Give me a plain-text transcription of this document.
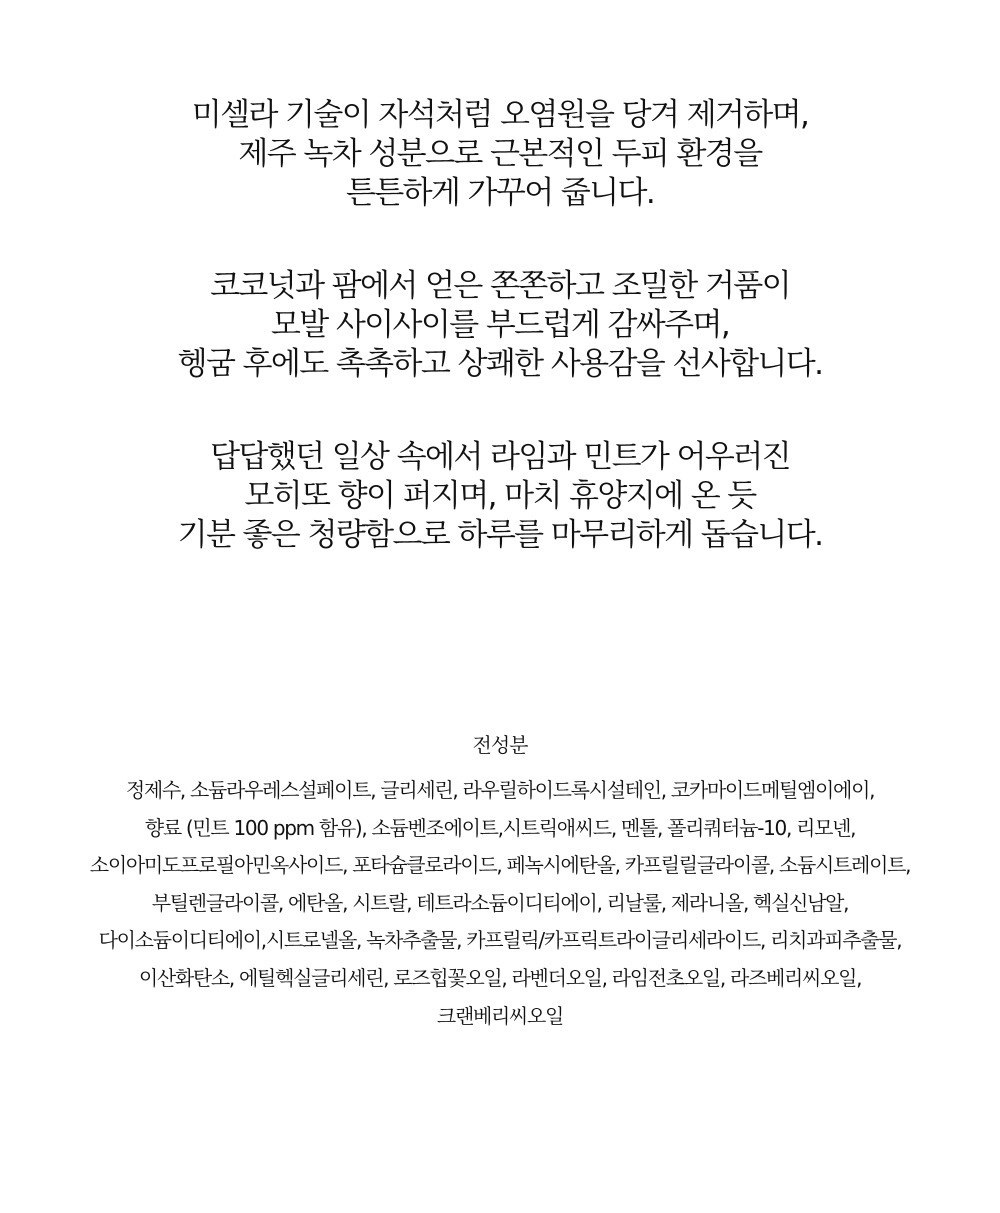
미셀라 기술이 자석처럼 오염원을 당겨 제거하며,
제주 녹차 성분으로 근본적인 두피 환경을
튼튼하게 가꾸어 줍니다.

코코넛과 팜에서 얻은 쫀쫀하고 조밀한 거품이
모발 사이사이를 부드럽게 감싸주며,
헹굼 후에도 촉촉하고 상쾌한 사용감을 선사합니다.

답답했던 일상 속에서 라임과 민트가 어우러진
모히또 향이 퍼지며, 마치 휴양지에 온 듯
기분 좋은 청량함으로 하루를 마무리하게 돕습니다.

전성분
정제수, 소듐라우레스설페이트, 글리세린, 라우릴하이드록시설테인, 코카마이드메틸엠이에이,
향료 (민트 100 ppm 함유), 소듐벤조에이트,시트릭애씨드, 멘톨, 폴리쿼터늄-10, 리모넨,
소이아미도프로필아민옥사이드, 포타슘클로라이드, 페녹시에탄올, 카프릴릴글라이콜, 소듐시트레이트,
부틸렌글라이콜, 에탄올, 시트랄, 테트라소듐이디티에이, 리날룰, 제라니올, 헥실신남알,
다이소듐이디티에이,시트로넬올, 녹차추출물, 카프릴릭/카프릭트라이글리세라이드, 리치과피추출물,
이산화탄소, 에틸헥실글리세린, 로즈힙꽃오일, 라벤더오일, 라임전초오일, 라즈베리씨오일,
크랜베리씨오일
